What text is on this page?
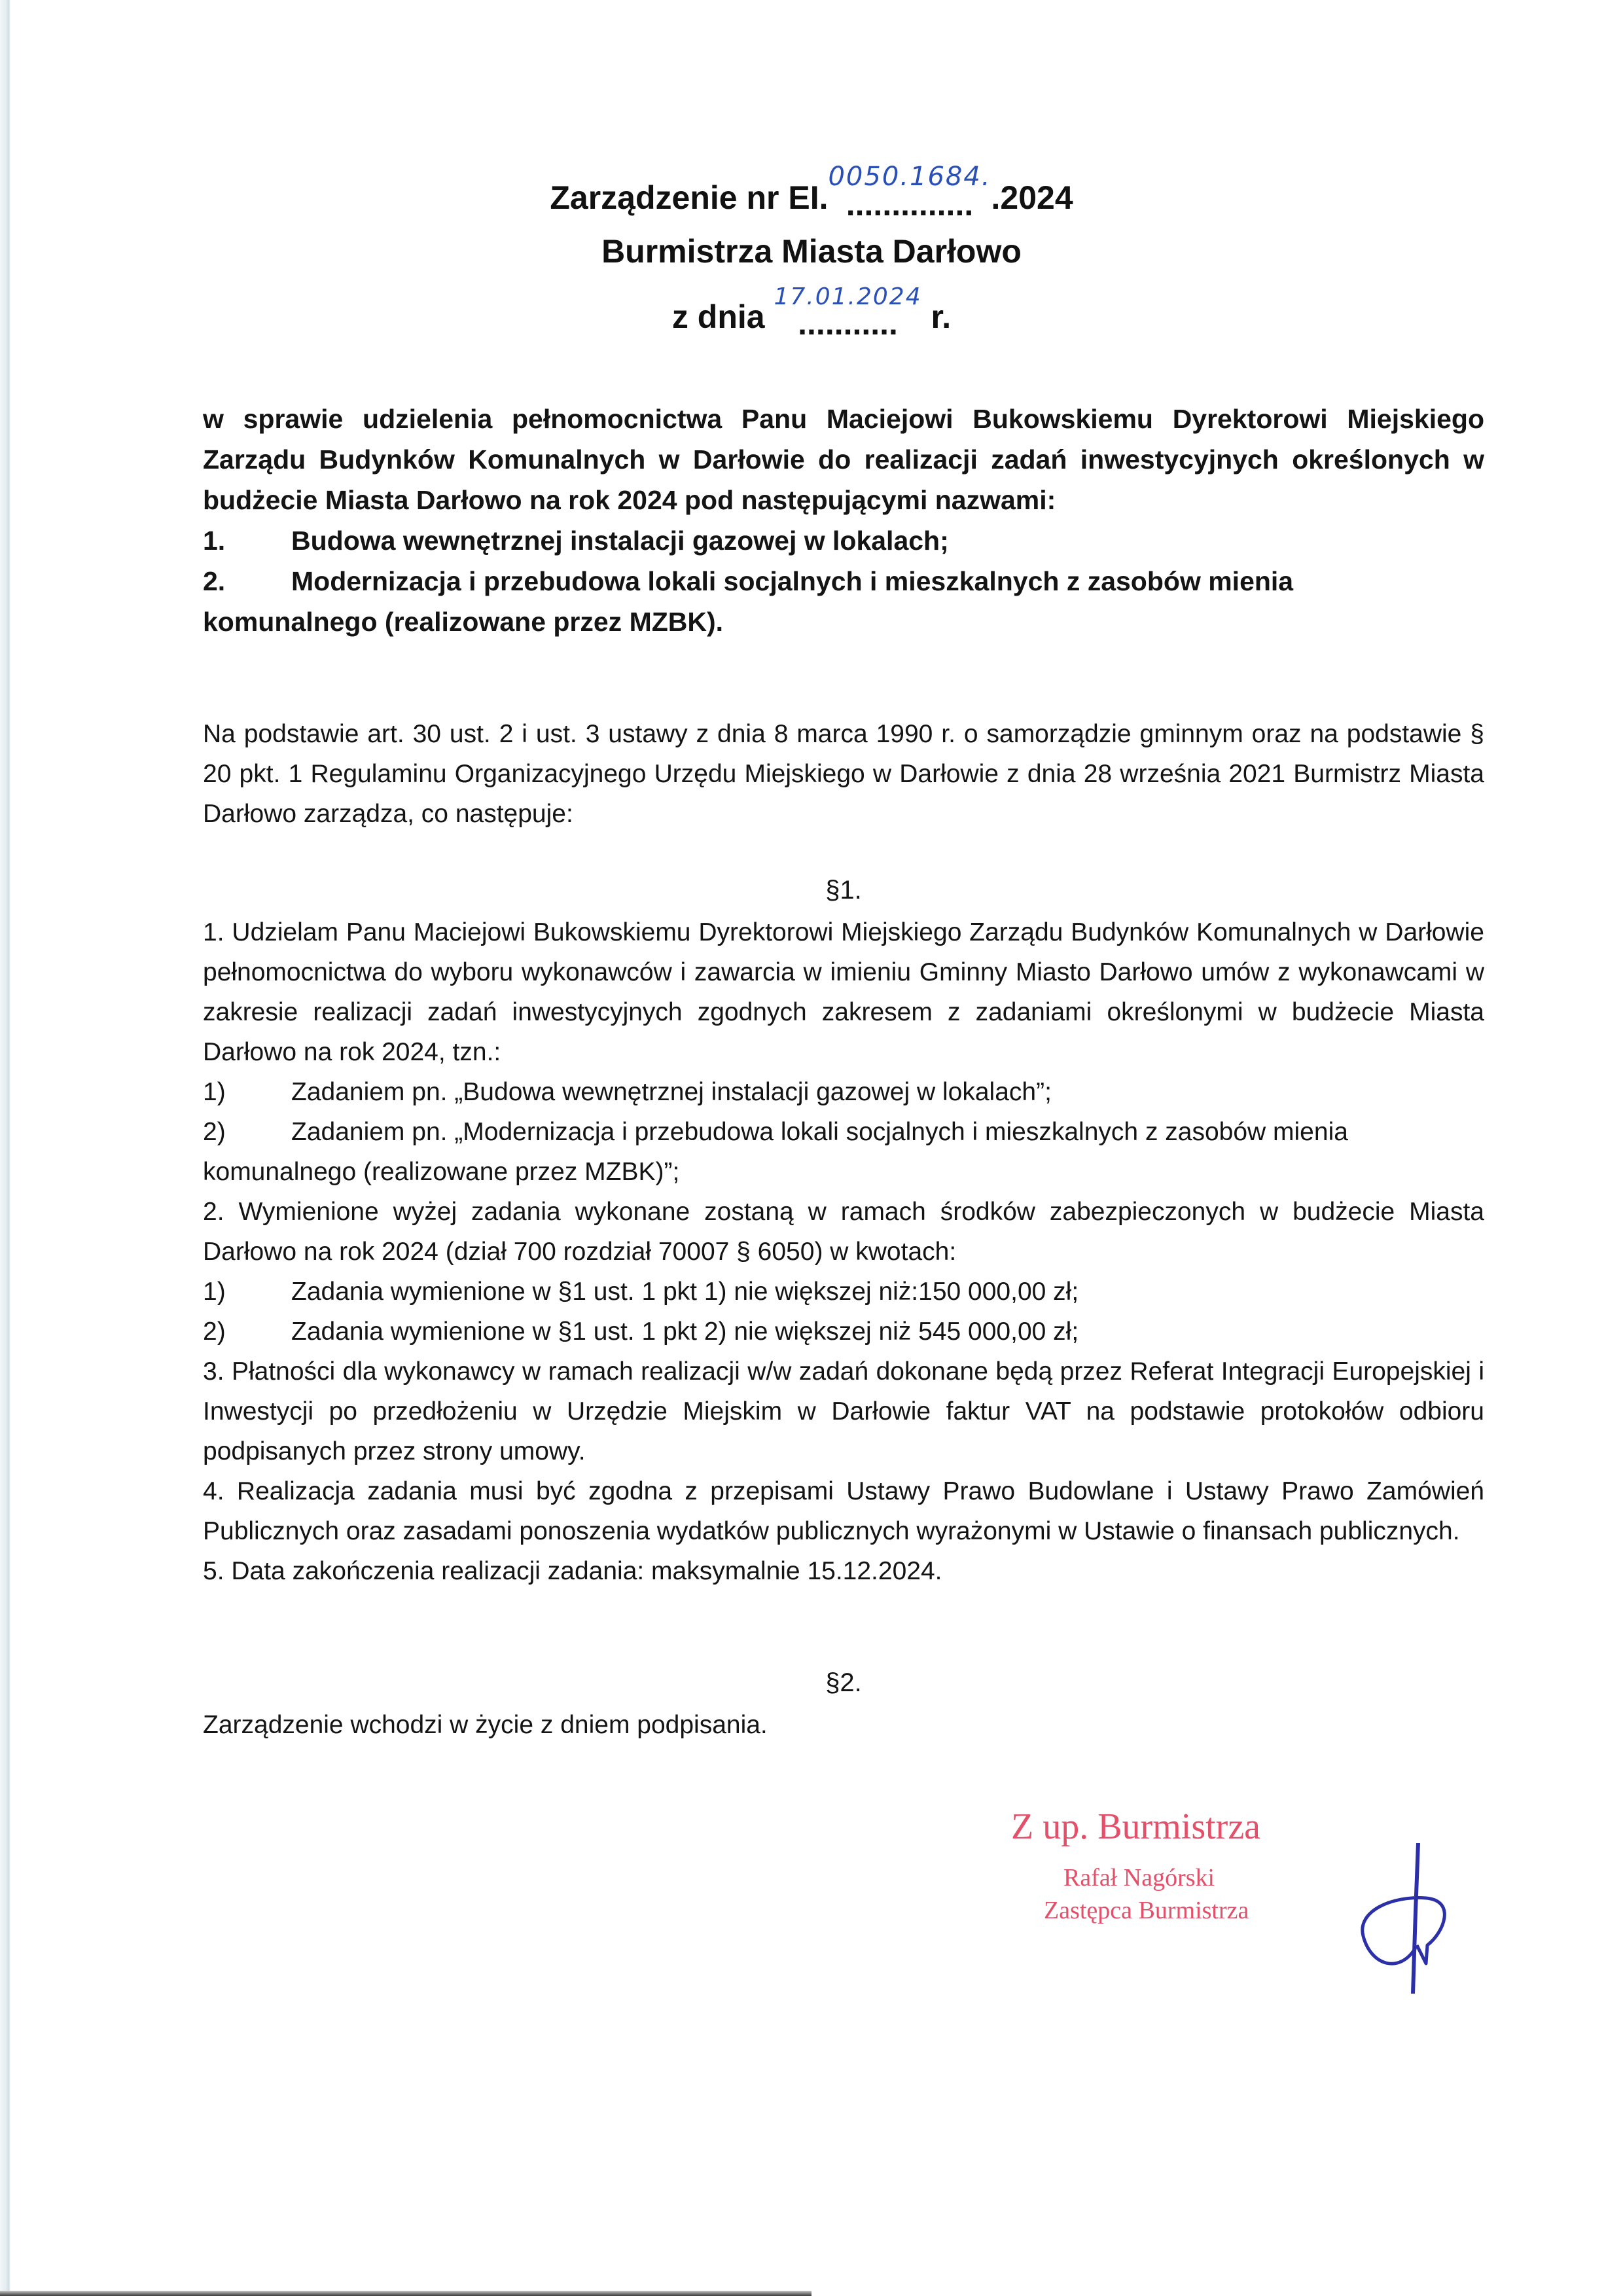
Zarządzenie nr EI.
0050.1684.
.............. .2024
Burmistrza Miasta Darłowo
z dnia
17.01.2024
........... r.

w sprawie udzielenia pełnomocnictwa Panu Maciejowi Bukowskiemu Dyrektorowi Miejskiego Zarządu Budynków Komunalnych w Darłowie do realizacji zadań inwestycyjnych określonych w budżecie Miasta Darłowo na rok 2024 pod następującymi nazwami:

1.	Budowa wewnętrznej instalacji gazowej w lokalach;
2.	Modernizacja i przebudowa lokali socjalnych i mieszkalnych z zasobów mienia

komunalnego (realizowane przez MZBK).

Na podstawie art. 30 ust. 2 i ust. 3 ustawy z dnia 8 marca 1990 r. o samorządzie gminnym oraz na podstawie § 20 pkt. 1 Regulaminu Organizacyjnego Urzędu Miejskiego w Darłowie z dnia 28 września 2021 Burmistrz Miasta Darłowo zarządza, co następuje:

§1.

1. Udzielam Panu Maciejowi Bukowskiemu Dyrektorowi Miejskiego Zarządu Budynków Komunalnych w Darłowie pełnomocnictwa do wyboru wykonawców i zawarcia w imieniu Gminny Miasto Darłowo umów z wykonawcami w zakresie realizacji zadań inwestycyjnych zgodnych zakresem z zadaniami określonymi w budżecie Miasta Darłowo na rok 2024, tzn.:

1)	Zadaniem pn. „Budowa wewnętrznej instalacji gazowej w lokalach”;
2)	Zadaniem pn. „Modernizacja i przebudowa lokali socjalnych i mieszkalnych z zasobów mienia

komunalnego (realizowane przez MZBK)”;

2. Wymienione wyżej zadania wykonane zostaną w ramach środków zabezpieczonych w budżecie Miasta Darłowo na rok 2024 (dział 700 rozdział 70007 § 6050) w kwotach:

1)	Zadania wymienione w §1 ust. 1 pkt 1) nie większej niż:150 000,00 zł;
2)	Zadania wymienione w §1 ust. 1 pkt 2) nie większej niż 545 000,00 zł;

3. Płatności dla wykonawcy w ramach realizacji w/w zadań dokonane będą przez Referat Integracji Europejskiej i Inwestycji po przedłożeniu w Urzędzie Miejskim w Darłowie faktur VAT na podstawie protokołów odbioru podpisanych przez strony umowy.

4. Realizacja zadania musi być zgodna z przepisami Ustawy Prawo Budowlane i Ustawy Prawo Zamówień Publicznych oraz zasadami ponoszenia wydatków publicznych wyrażonymi w Ustawie o finansach publicznych.

5. Data zakończenia realizacji zadania: maksymalnie 15.12.2024.

§2.

Zarządzenie wchodzi w życie z dniem podpisania.

Z up. Burmistrza
Rafał Nagórski
Zastępca Burmistrza
